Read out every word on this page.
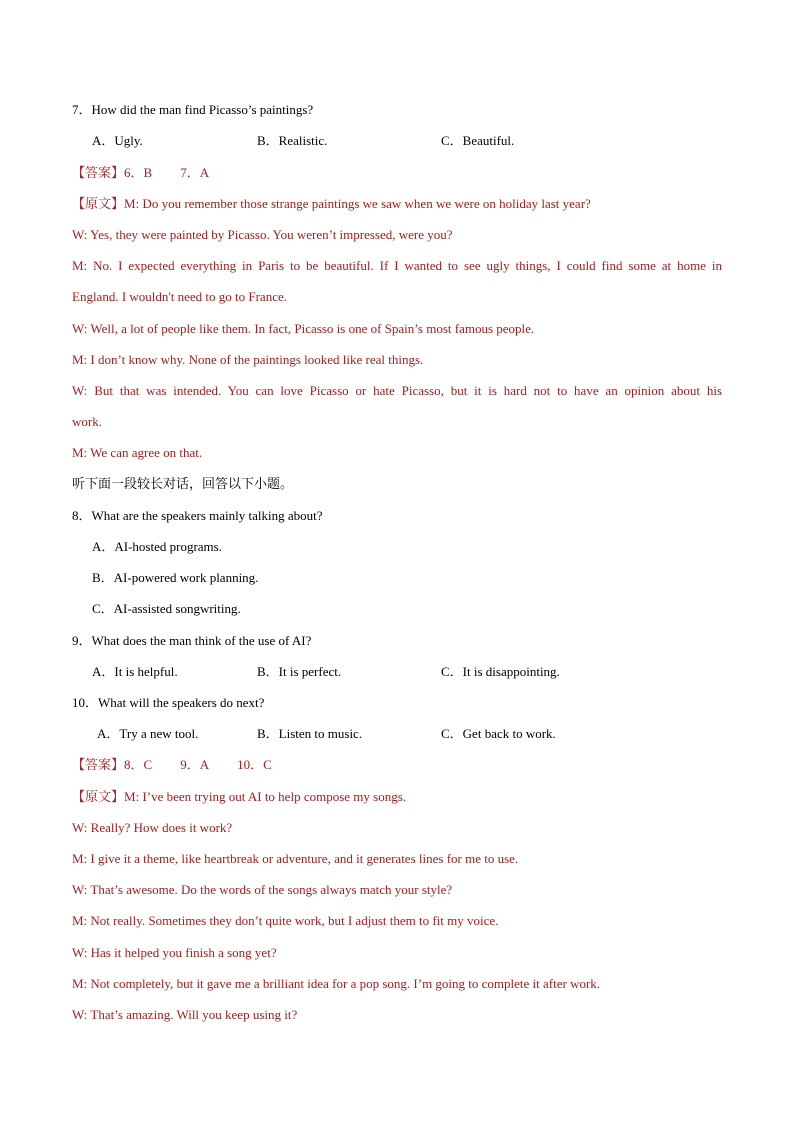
7．How did the man find Picasso’s paintings?
A．Ugly.	B．Realistic.	C．Beautiful.
【答案】6．B 7．A
【原文】M: Do you remember those strange paintings we saw when we were on holiday last year?
W: Yes, they were painted by Picasso. You weren’t impressed, were you?
M: No. I expected everything in Paris to be beautiful. If I wanted to see ugly things, I could find some at home in
England. I wouldn't need to go to France.
W: Well, a lot of people like them. In fact, Picasso is one of Spain’s most famous people.
M: I don’t know why. None of the paintings looked like real things.
W: But that was intended. You can love Picasso or hate Picasso, but it is hard not to have an opinion about his
work.
M: We can agree on that.
听下面一段较长对话，回答以下小题。
8．What are the speakers mainly talking about?
A．AI-hosted programs.
B．AI-powered work planning.
C．AI-assisted songwriting.
9．What does the man think of the use of AI?
A．It is helpful.	B．It is perfect.	C．It is disappointing.
10．What will the speakers do next?
A．Try a new tool.	B．Listen to music.	C．Get back to work.
【答案】8．C 9．A 10．C
【原文】M: I’ve been trying out AI to help compose my songs.
W: Really? How does it work?
M: I give it a theme, like heartbreak or adventure, and it generates lines for me to use.
W: That’s awesome. Do the words of the songs always match your style?
M: Not really. Sometimes they don’t quite work, but I adjust them to fit my voice.
W: Has it helped you finish a song yet?
M: Not completely, but it gave me a brilliant idea for a pop song. I’m going to complete it after work.
W: That’s amazing. Will you keep using it?
